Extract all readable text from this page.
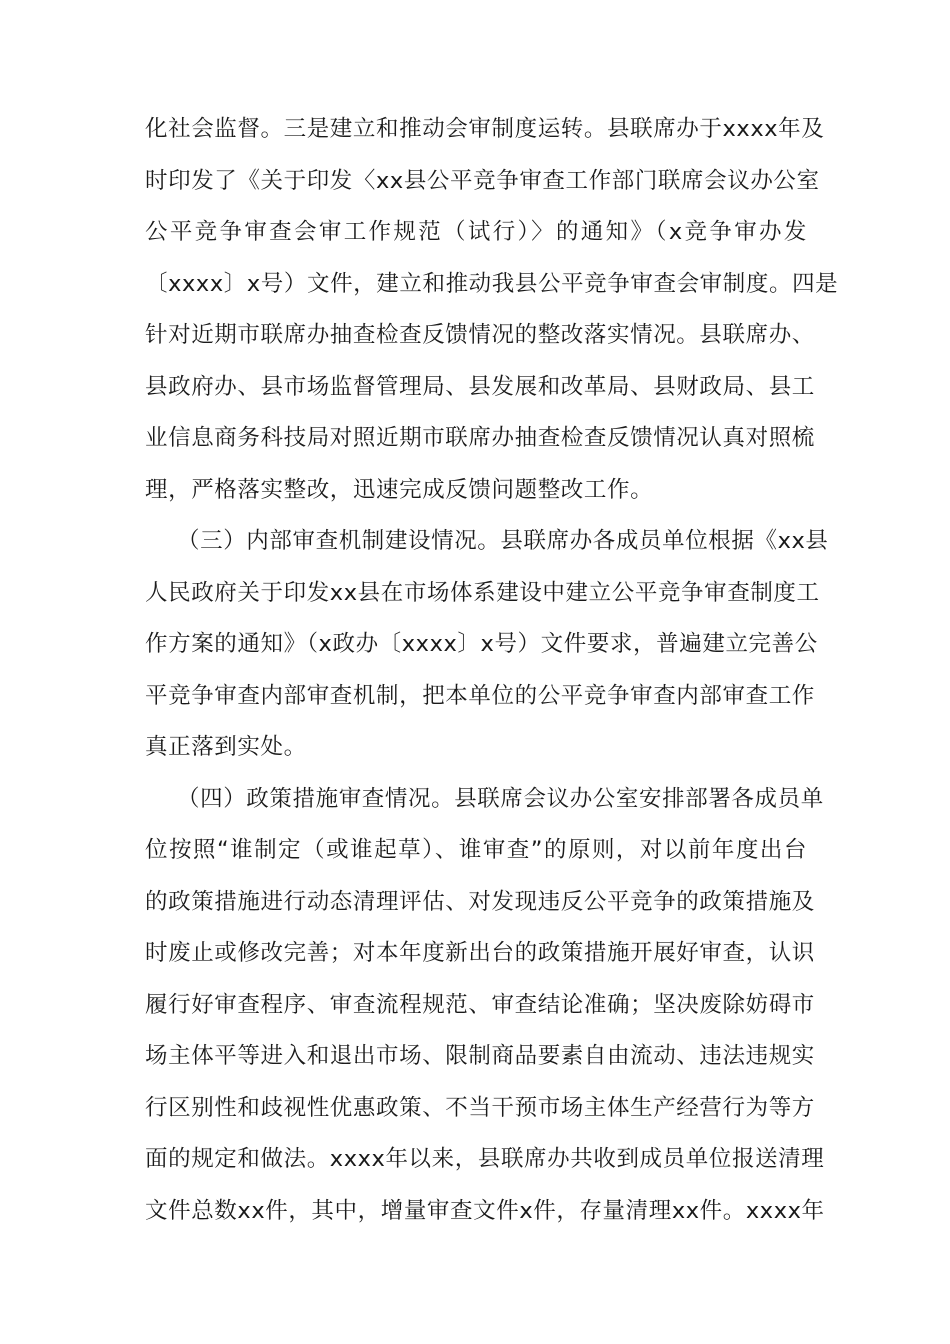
化社会监督。三是建立和推动会审制度运转。县联席办于xxxx年及
时印发了《关于印发〈xx县公平竞争审查工作部门联席会议办公室
公平竞争审查会审工作规范（试行）〉的通知》（x竞争审办发
〔xxxx〕x号）文件，建立和推动我县公平竞争审查会审制度。四是
针对近期市联席办抽查检查反馈情况的整改落实情况。县联席办、
县政府办、县市场监督管理局、县发展和改革局、县财政局、县工
业信息商务科技局对照近期市联席办抽查检查反馈情况认真对照梳
理，严格落实整改，迅速完成反馈问题整改工作。
（三）内部审查机制建设情况。县联席办各成员单位根据《xx县
人民政府关于印发xx县在市场体系建设中建立公平竞争审查制度工
作方案的通知》（x政办〔xxxx〕x号）文件要求，普遍建立完善公
平竞争审查内部审查机制，把本单位的公平竞争审查内部审查工作
真正落到实处。
（四）政策措施审查情况。县联席会议办公室安排部署各成员单
位按照“谁制定（或谁起草）、谁审查”的原则，对以前年度出台
的政策措施进行动态清理评估、对发现违反公平竞争的政策措施及
时废止或修改完善；对本年度新出台的政策措施开展好审查，认识
履行好审查程序、审查流程规范、审查结论准确；坚决废除妨碍市
场主体平等进入和退出市场、限制商品要素自由流动、违法违规实
行区别性和歧视性优惠政策、不当干预市场主体生产经营行为等方
面的规定和做法。xxxx年以来，县联席办共收到成员单位报送清理
文件总数xx件，其中，增量审查文件x件，存量清理xx件。xxxx年
